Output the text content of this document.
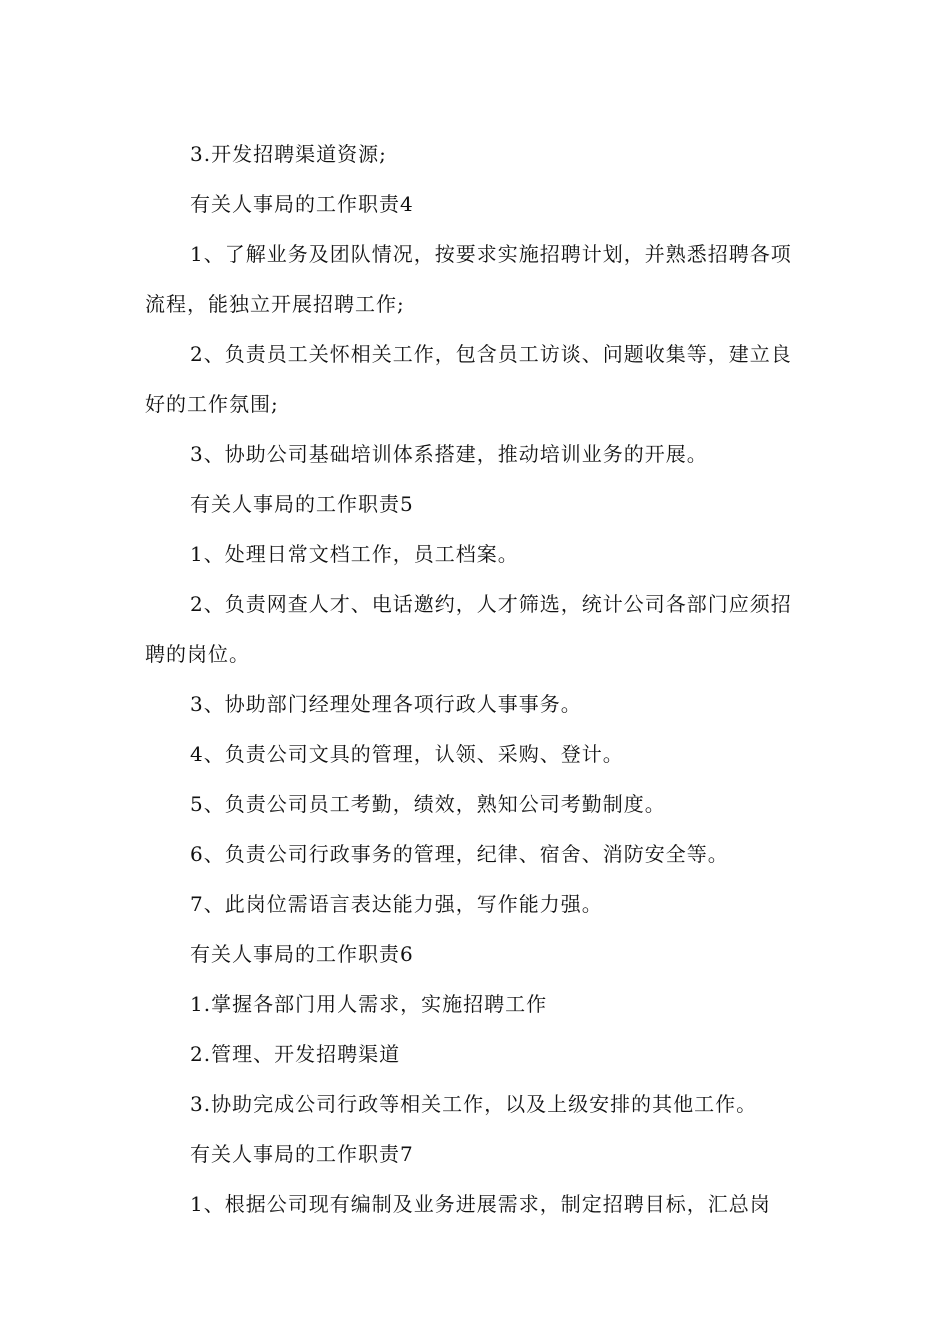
3.开发招聘渠道资源;

有关人事局的工作职责4

1、了解业务及团队情况，按要求实施招聘计划，并熟悉招聘各项流程，能独立开展招聘工作;

2、负责员工关怀相关工作，包含员工访谈、问题收集等，建立良好的工作氛围;

3、协助公司基础培训体系搭建，推动培训业务的开展。

有关人事局的工作职责5

1、处理日常文档工作，员工档案。

2、负责网查人才、电话邀约，人才筛选，统计公司各部门应须招聘的岗位。

3、协助部门经理处理各项行政人事事务。

4、负责公司文具的管理，认领、采购、登计。

5、负责公司员工考勤，绩效，熟知公司考勤制度。

6、负责公司行政事务的管理，纪律、宿舍、消防安全等。

7、此岗位需语言表达能力强，写作能力强。

有关人事局的工作职责6

1.掌握各部门用人需求，实施招聘工作

2.管理、开发招聘渠道

3.协助完成公司行政等相关工作，以及上级安排的其他工作。

有关人事局的工作职责7

1、根据公司现有编制及业务进展需求，制定招聘目标，汇总岗
